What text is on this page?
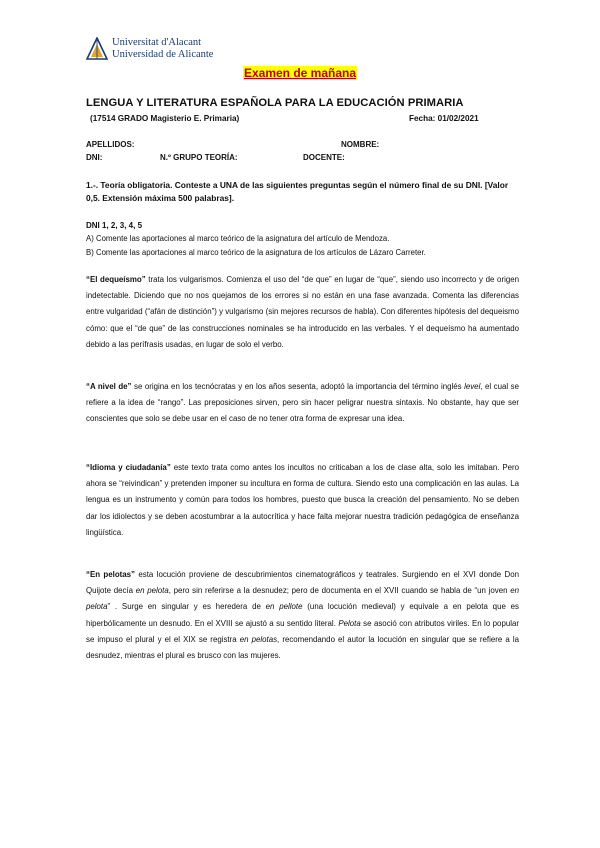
Universitat d'Alacant
Universidad de Alicante
Examen de mañana
LENGUA Y LITERATURA ESPAÑOLA PARA LA EDUCACIÓN PRIMARIA
(17514 GRADO Magisterio E. Primaria)	Fecha: 01/02/2021
APELLIDOS:	NOMBRE:
DNI:	N.º GRUPO TEORÍA:	DOCENTE:
1.-. Teoría obligatoria. Conteste a UNA de las siguientes preguntas según el número final de su DNI. [Valor 0,5. Extensión máxima 500 palabras].
DNI 1, 2, 3, 4, 5
A) Comente las aportaciones al marco teórico de la asignatura del artículo de Mendoza.
B) Comente las aportaciones al marco teórico de la asignatura de los artículos de Lázaro Carreter.
“El dequeísmo” trata los vulgarismos. Comienza el uso del “de que” en lugar de “que”, siendo uso incorrecto y de origen indetectable. Diciendo que no nos quejamos de los errores si no están en una fase avanzada. Comenta las diferencias entre vulgaridad (“afán de distinción”) y vulgarismo (sin mejores recursos de habla). Con diferentes hipótesis del dequeismo cómo: que el “de que” de las construcciones nominales se ha introducido en las verbales. Y el dequeísmo ha aumentado debido a las perífrasis usadas, en lugar de solo el verbo.
“A nivel de” se origina en los tecnócratas y en los años sesenta, adoptó la importancia del término inglés level, el cual se refiere a la idea de “rango”. Las preposiciones sirven, pero sin hacer peligrar nuestra sintaxis. No obstante, hay que ser conscientes que solo se debe usar en el caso de no tener otra forma de expresar una idea.
“Idioma y ciudadanía” este texto trata como antes los incultos no criticaban a los de clase alta, solo les imitaban. Pero ahora se “reivindican” y pretenden imponer su incultura en forma de cultura. Siendo esto una complicación en las aulas. La lengua es un instrumento y común para todos los hombres, puesto que busca la creación del pensamiento. No se deben dar los idiolectos y se deben acostumbrar a la autocrítica y hace falta mejorar nuestra tradición pedagógica de enseñanza lingüística.
“En pelotas” esta locución proviene de descubrimientos cinematográficos y teatrales. Surgiendo en el XVI donde Don Quijote decía en pelota, pero sin referirse a la desnudez; pero de documenta en el XVII cuando se habla de “un joven en pelota” . Surge en singular y es heredera de en pellote (una locución medieval) y equivale a en pelota que es hiperbólicamente un desnudo. En el XVIII se ajustó a su sentido literal. Pelota se asoció con atributos viriles. En lo popular se impuso el plural y el el XIX se registra en pelotas, recomendando el autor la locución en singular que se refiere a la desnudez, mientras el plural es brusco con las mujeres.
